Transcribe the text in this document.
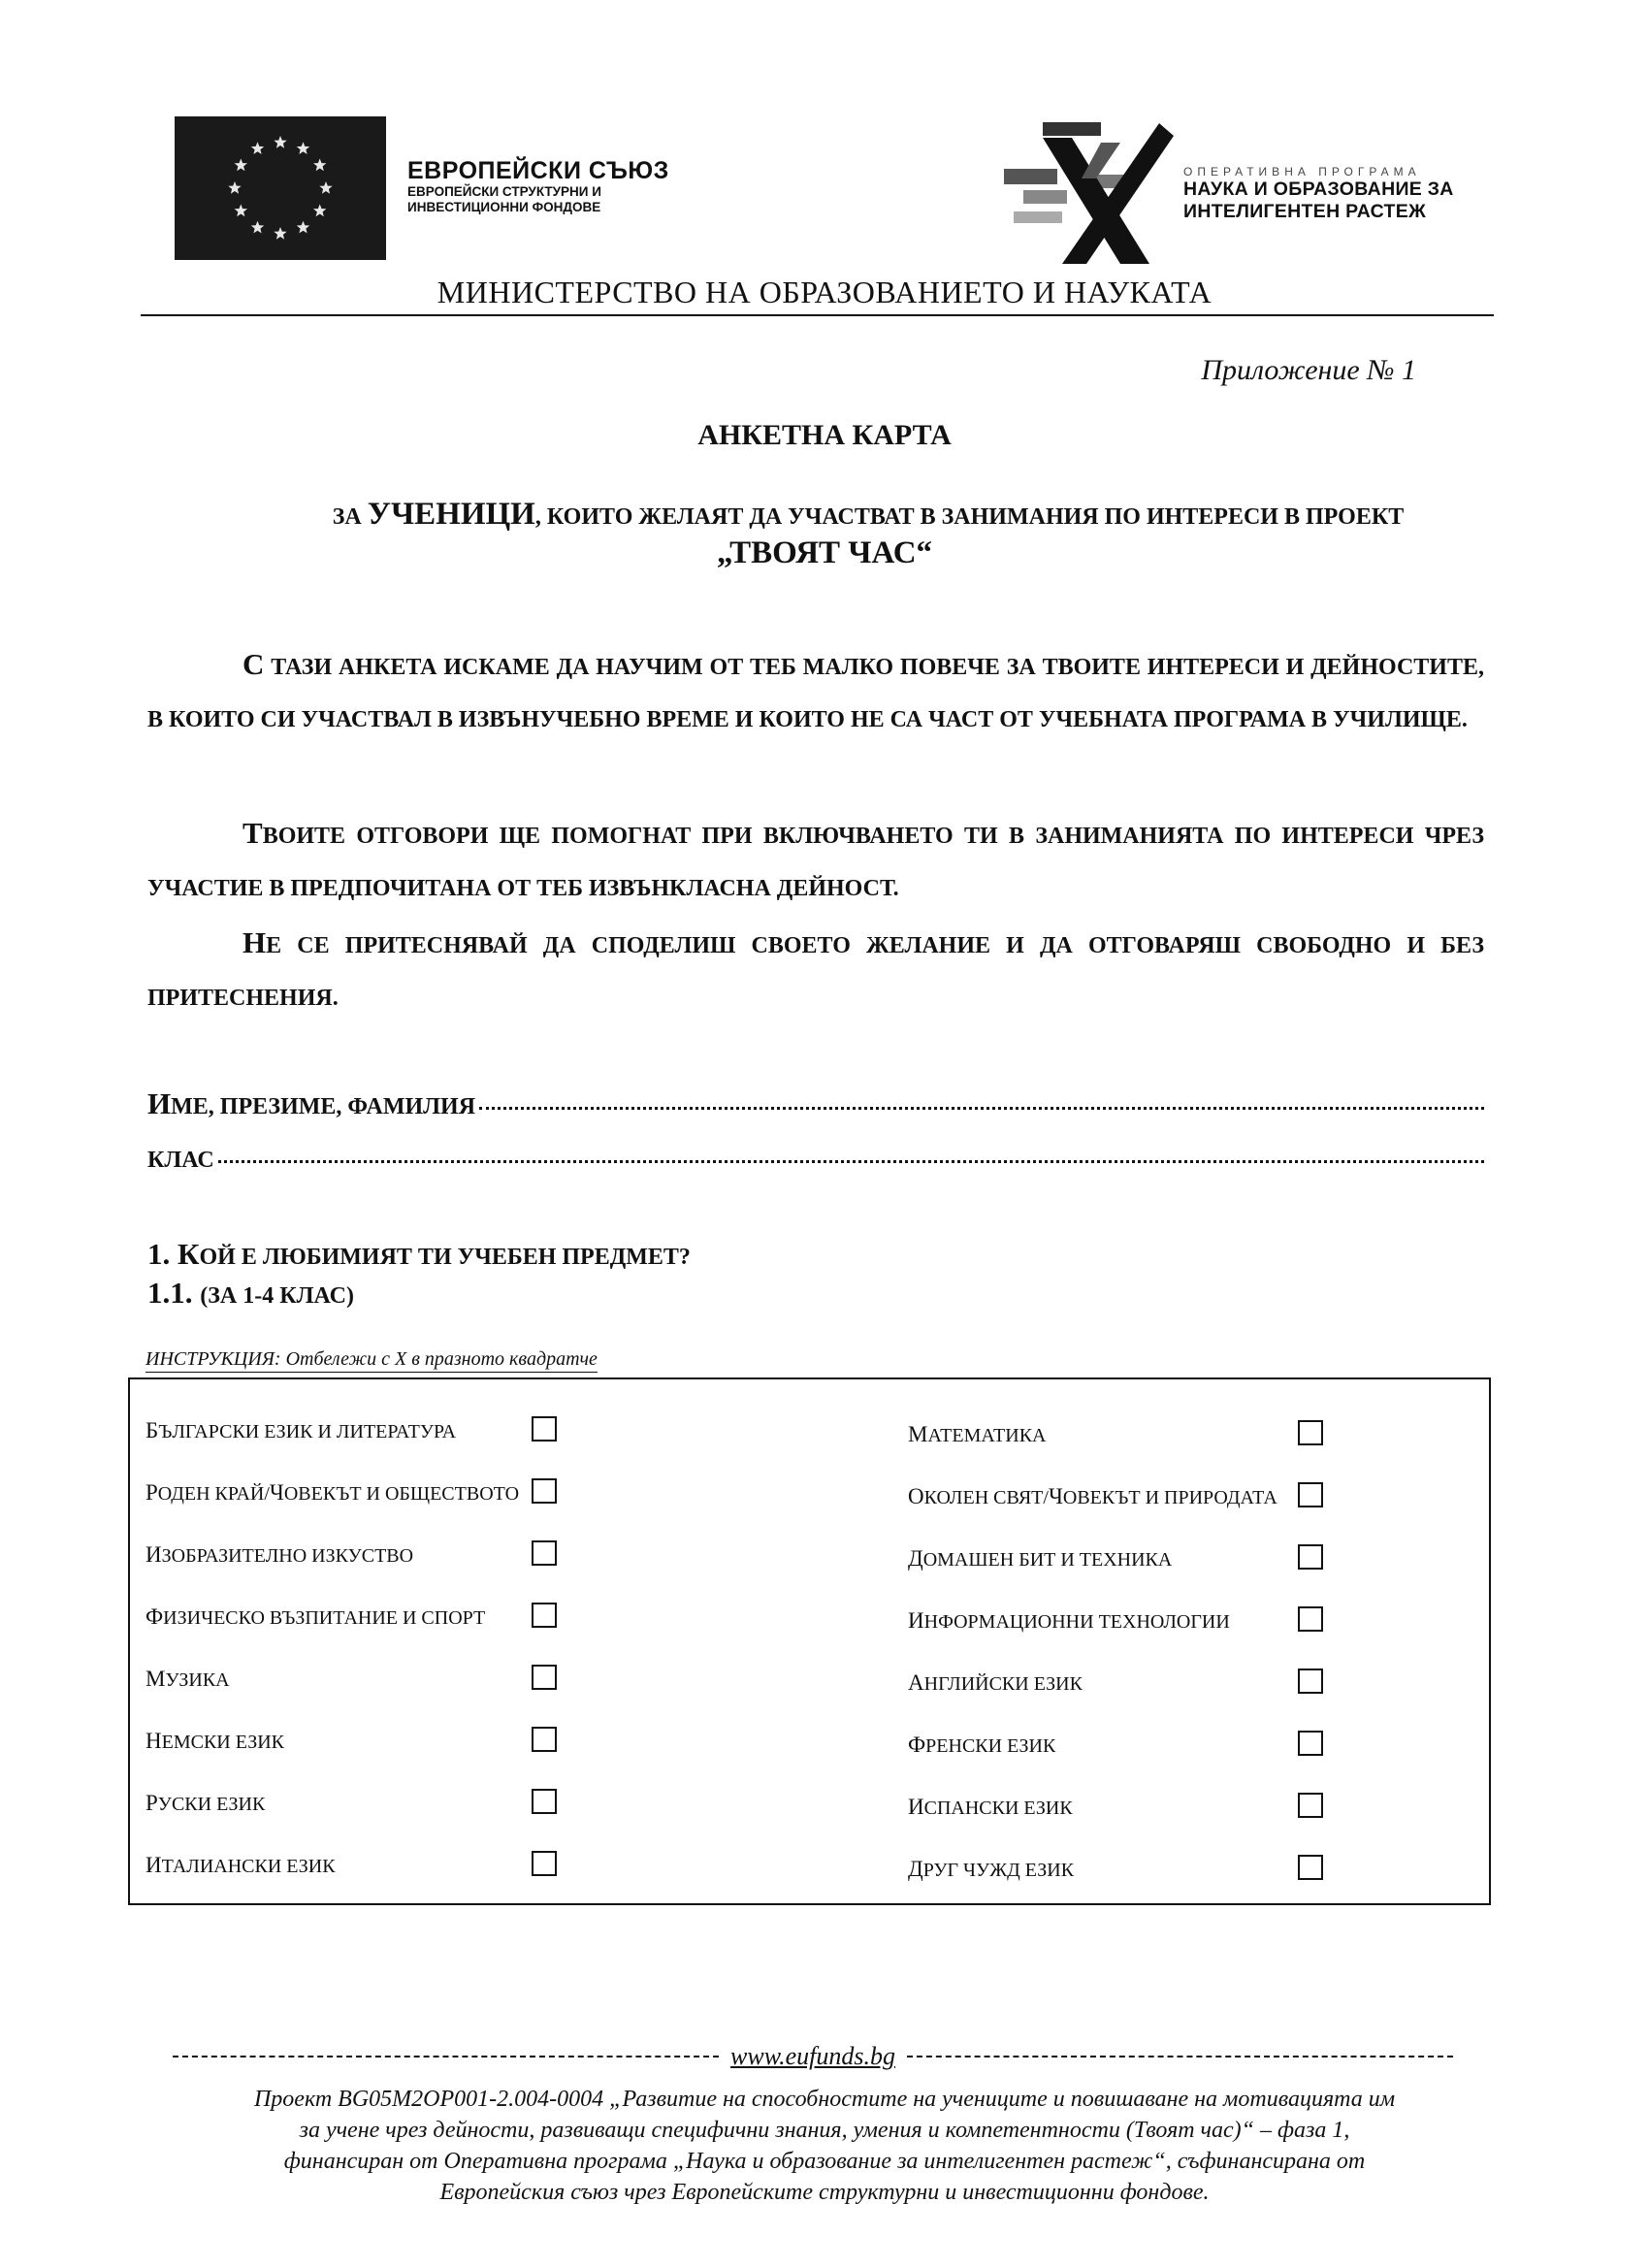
ЕВРОПЕЙСКИ СЪЮЗ
ЕВРОПЕЙСКИ СТРУКТУРНИ И
ИНВЕСТИЦИОННИ ФОНДОВЕ
ОПЕРАТИВНА ПРОГРАМА
НАУКА И ОБРАЗОВАНИЕ ЗА
ИНТЕЛИГЕНТЕН РАСТЕЖ
МИНИСТЕРСТВО НА ОБРАЗОВАНИЕТО И НАУКАТА
Приложение № 1
АНКЕТНА КАРТА
ЗА УЧЕНИЦИ, КОИТО ЖЕЛАЯТ ДА УЧАСТВАТ В ЗАНИМАНИЯ ПО ИНТЕРЕСИ В ПРОЕКТ
„ТВОЯТ ЧАС“
С ТАЗИ АНКЕТА ИСКАМЕ ДА НАУЧИМ ОТ ТЕБ МАЛКО ПОВЕЧЕ ЗА ТВОИТЕ ИНТЕРЕСИ И ДЕЙНОСТИТЕ, В КОИТО СИ УЧАСТВАЛ В ИЗВЪНУЧЕБНО ВРЕМЕ И КОИТО НЕ СА ЧАСТ ОТ УЧЕБНАТА ПРОГРАМА В УЧИЛИЩЕ.
ТВОИТЕ ОТГОВОРИ ЩЕ ПОМОГНАТ ПРИ ВКЛЮЧВАНЕТО ТИ В ЗАНИМАНИЯТА ПО ИНТЕРЕСИ ЧРЕЗ УЧАСТИЕ В ПРЕДПОЧИТАНА ОТ ТЕБ ИЗВЪНКЛАСНА ДЕЙНОСТ.
НЕ СЕ ПРИТЕСНЯВАЙ ДА СПОДЕЛИШ СВОЕТО ЖЕЛАНИЕ И ДА ОТГОВАРЯШ СВОБОДНО И БЕЗ ПРИТЕСНЕНИЯ.
И МЕ, ПРЕЗИМЕ, ФАМИЛИЯ
КЛАС
1. КОЙ Е ЛЮБИМИЯТ ТИ УЧЕБЕН ПРЕДМЕТ?
1.1. (ЗА 1-4 КЛАС)
ИНСТРУКЦИЯ: Отбележи с Х в празното квадратче
БЪЛГАРСКИ ЕЗИК И ЛИТЕРАТУРА
РОДЕН КРАЙ/ЧОВЕКЪТ И ОБЩЕСТВОТО
ИЗОБРАЗИТЕЛНО ИЗКУСТВО
ФИЗИЧЕСКО ВЪЗПИТАНИЕ И СПОРТ
МУЗИКА
НЕМСКИ ЕЗИК
РУСКИ ЕЗИК
ИТАЛИАНСКИ ЕЗИК
МАТЕМАТИКА
ОКОЛЕН СВЯТ/ЧОВЕКЪТ И ПРИРОДАТА
ДОМАШЕН БИТ И ТЕХНИКА
ИНФОРМАЦИОННИ ТЕХНОЛОГИИ
АНГЛИЙСКИ ЕЗИК
ФРЕНСКИ ЕЗИК
ИСПАНСКИ ЕЗИК
ДРУГ ЧУЖД ЕЗИК
www.eufunds.bg
Проект BG05M2OP001-2.004-0004 „Развитие на способностите на учениците и повишаване на мотивацията им
за учене чрез дейности, развиващи специфични знания, умения и компетентности (Твоят час)“ – фаза 1,
финансиран от Оперативна програма „Наука и образование за интелигентен растеж“, съфинансирана от
Европейския съюз чрез Европейските структурни и инвестиционни фондове.
